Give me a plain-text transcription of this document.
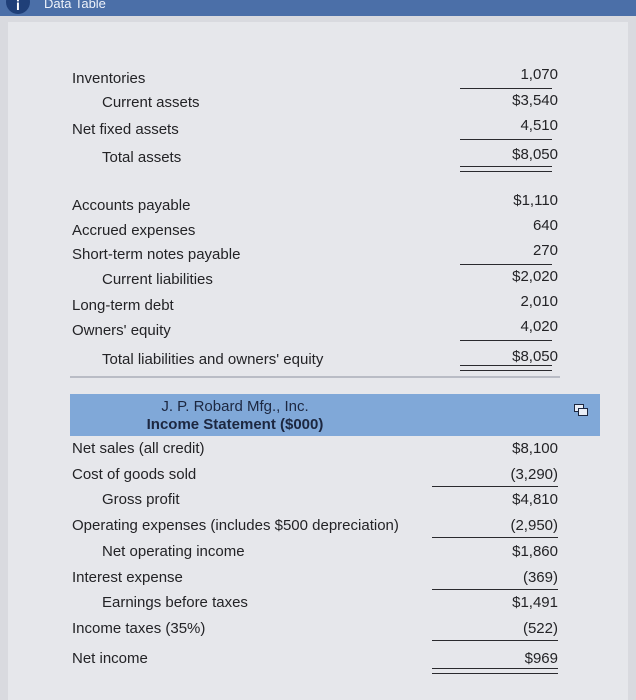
i	Data Table
Inventories	1,070
Current assets	$3,540
Net fixed assets	4,510
Total assets	$8,050
Accounts payable	$1,110
Accrued expenses	640
Short-term notes payable	270
Current liabilities	$2,020
Long-term debt	2,010
Owners' equity	4,020
Total liabilities and owners' equity	$8,050
J. P. Robard Mfg., Inc.
Income Statement ($000)
Net sales (all credit)	$8,100
Cost of goods sold	(3,290)
Gross profit	$4,810
Operating expenses (includes $500 depreciation)	(2,950)
Net operating income	$1,860
Interest expense	(369)
Earnings before taxes	$1,491
Income taxes (35%)	(522)
Net income	$969
